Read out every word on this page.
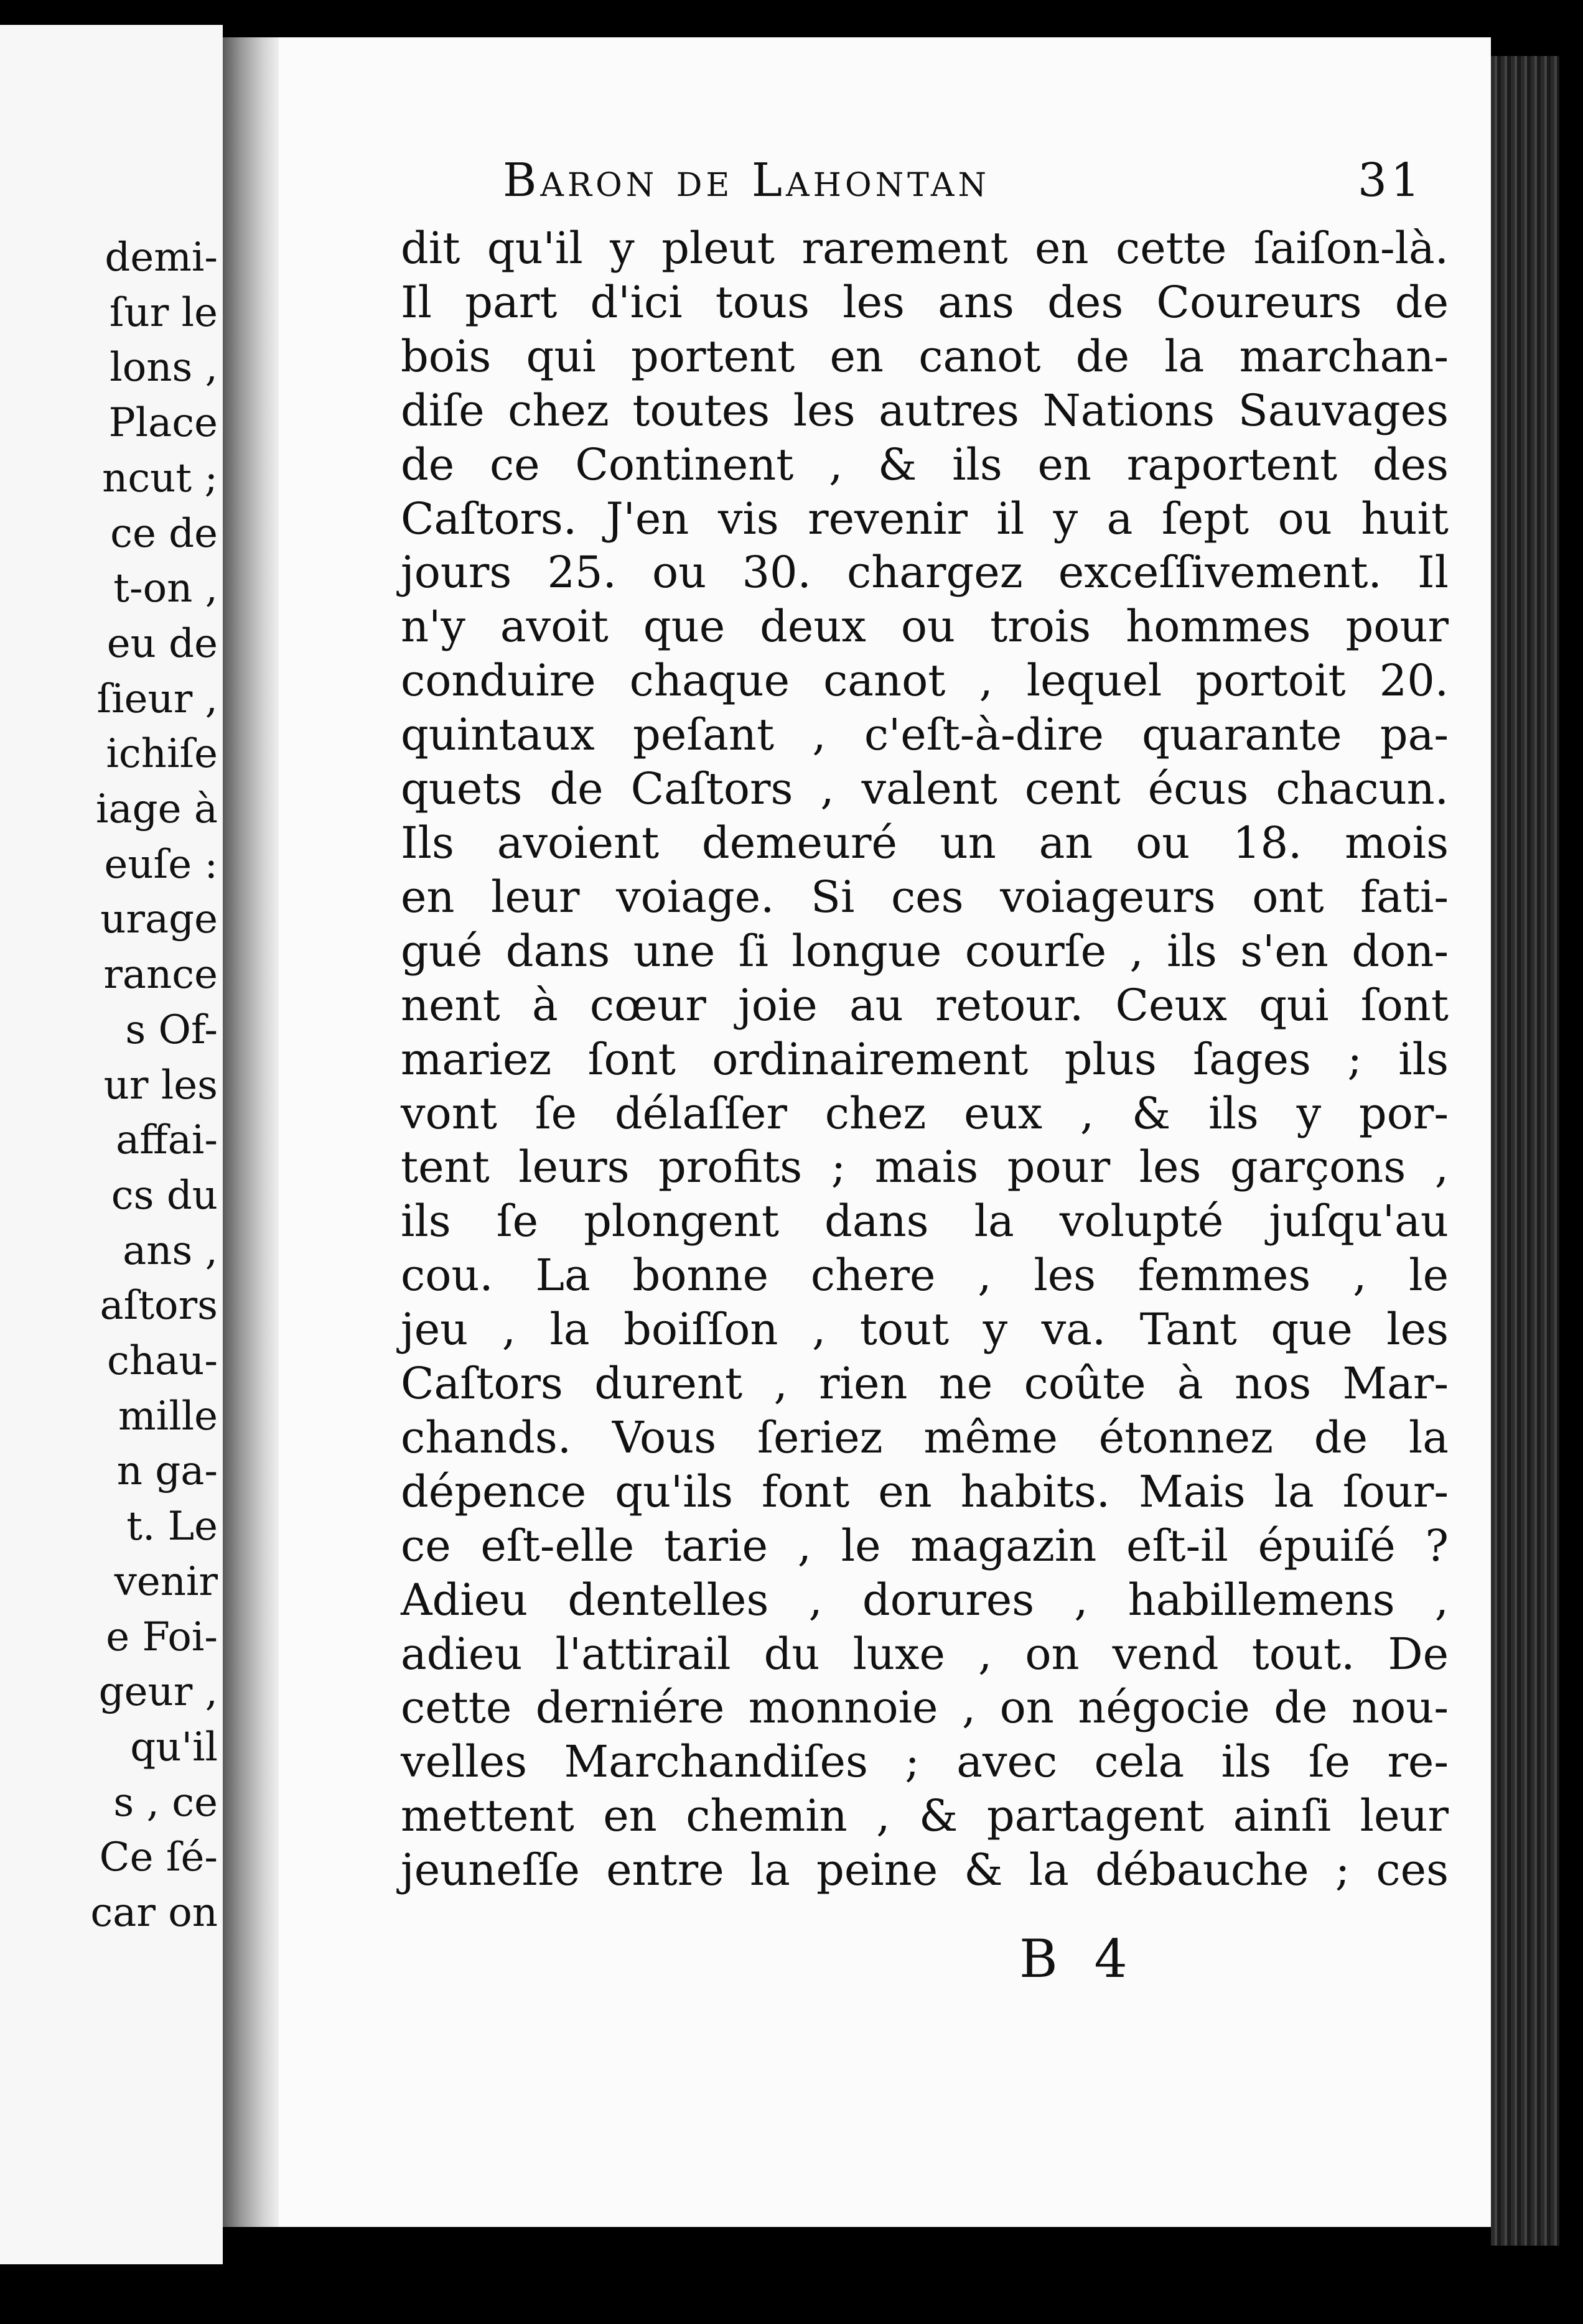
demi-
ſur le
lons ,
Place
ncut ;
ce de
t-on ,
eu de
ſieur ,
ichiſe
iage à
euſe :
urage
rance
s Of-
ur les
affai-
cs du
ans ,
aſtors
chau-
mille
n ga-
t. Le
venir
e Foi-
geur ,
qu'il
s , ce
Ce ſé-
car on
Baron de Lahontan	31
dit qu'il y pleut rarement en cette ſaiſon-là.
Il part d'ici tous les ans des Coureurs de
bois qui portent en canot de la marchan-
diſe chez toutes les autres Nations Sauvages
de ce Continent , & ils en raportent des
Caſtors. J'en vis revenir il y a ſept ou huit
jours 25. ou 30. chargez exceſſivement. Il
n'y avoit que deux ou trois hommes pour
conduire chaque canot , lequel portoit 20.
quintaux peſant , c'eſt-à-dire quarante pa-
quets de Caſtors , valent cent écus chacun.
Ils avoient demeuré un an ou 18. mois
en leur voiage. Si ces voiageurs ont fati-
gué dans une ſi longue courſe , ils s'en don-
nent à cœur joie au retour. Ceux qui ſont
mariez ſont ordinairement plus ſages ; ils
vont ſe délaſſer chez eux , & ils y por-
tent leurs profits ; mais pour les garçons ,
ils ſe plongent dans la volupté juſqu'au
cou. La bonne chere , les femmes , le
jeu , la boiſſon , tout y va. Tant que les
Caſtors durent , rien ne coûte à nos Mar-
chands. Vous ſeriez même étonnez de la
dépence qu'ils font en habits. Mais la ſour-
ce eſt-elle tarie , le magazin eſt-il épuiſé ?
Adieu dentelles , dorures , habillemens ,
adieu l'attirail du luxe , on vend tout. De
cette derniére monnoie , on négocie de nou-
velles Marchandiſes ; avec cela ils ſe re-
mettent en chemin , & partagent ainſi leur
jeuneſſe entre la peine & la débauche ; ces
B 4
